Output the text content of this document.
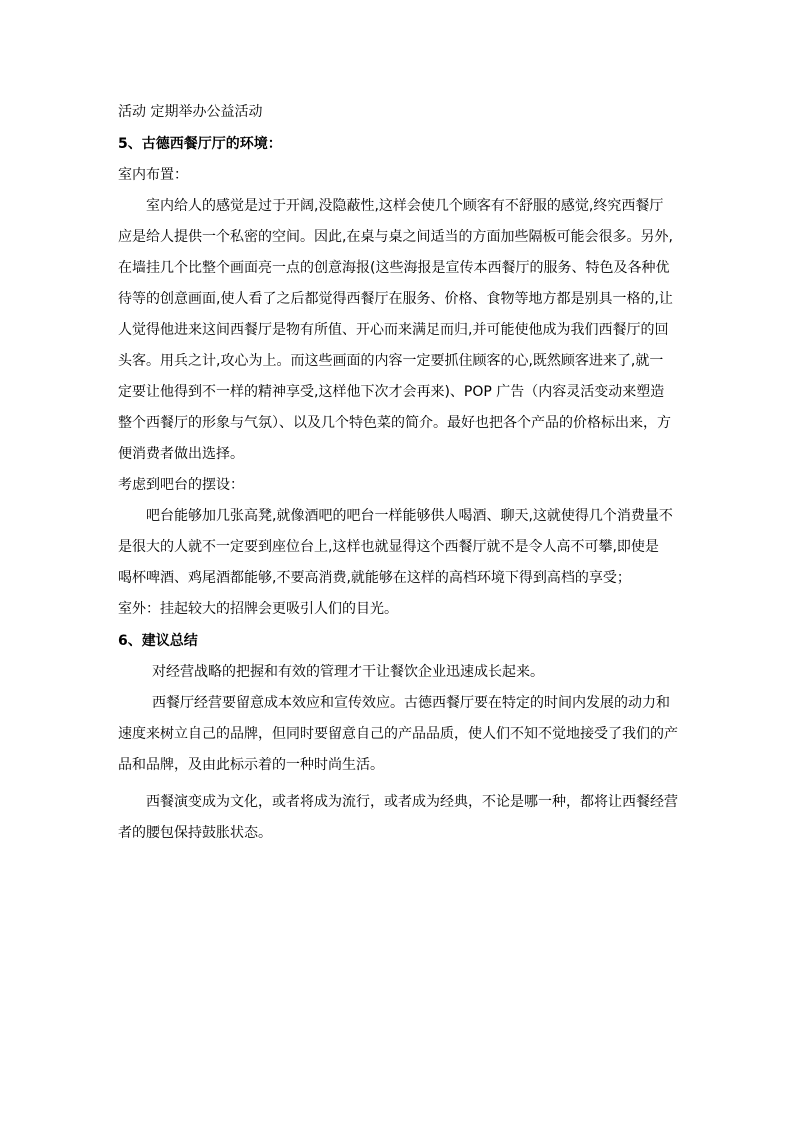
活动 定期举办公益活动
5、古德西餐厅厅的环境：
室内布置：
室内给人的感觉是过于开阔,没隐蔽性,这样会使几个顾客有不舒服的感觉,终究西餐厅
应是给人提供一个私密的空间。因此,在桌与桌之间适当的方面加些隔板可能会很多。另外,
在墙挂几个比整个画面亮一点的创意海报(这些海报是宣传本西餐厅的服务、特色及各种优
待等的创意画面,使人看了之后都觉得西餐厅在服务、价格、食物等地方都是别具一格的,让
人觉得他进来这间西餐厅是物有所值、开心而来满足而归,并可能使他成为我们西餐厅的回
头客。用兵之计,攻心为上。而这些画面的内容一定要抓住顾客的心,既然顾客进来了,就一
定要让他得到不一样的精神享受,这样他下次才会再来)、POP 广告（内容灵活变动来塑造
整个西餐厅的形象与气氛）、以及几个特色菜的简介。最好也把各个产品的价格标出来，方
便消费者做出选择。
考虑到吧台的摆设：
吧台能够加几张高凳,就像酒吧的吧台一样能够供人喝酒、聊天,这就使得几个消费量不
是很大的人就不一定要到座位台上,这样也就显得这个西餐厅就不是令人高不可攀,即使是
喝杯啤酒、鸡尾酒都能够,不要高消费,就能够在这样的高档环境下得到高档的享受；
室外：挂起较大的招牌会更吸引人们的目光。
6、建议总结
对经营战略的把握和有效的管理才干让餐饮企业迅速成长起来。
西餐厅经营要留意成本效应和宣传效应。古德西餐厅要在特定的时间内发展的动力和
速度来树立自己的品牌，但同时要留意自己的产品品质，使人们不知不觉地接受了我们的产
品和品牌，及由此标示着的一种时尚生活。
西餐演变成为文化，或者将成为流行，或者成为经典，不论是哪一种，都将让西餐经营
者的腰包保持鼓胀状态。
